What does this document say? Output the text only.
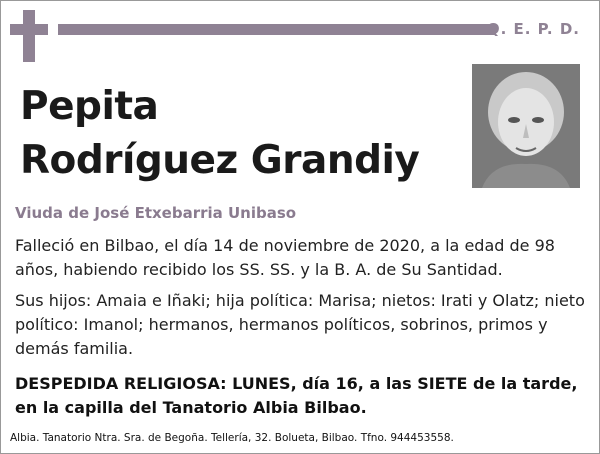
Q. E. P. D.
Pepita
Rodríguez Grandiy
Viuda de José Etxebarria Unibaso
Falleció en Bilbao, el día 14 de noviembre de 2020, a la edad de 98 años, habiendo recibido los SS. SS. y la B. A. de Su Santidad.
Sus hijos: Amaia e Iñaki; hija política: Marisa; nietos: Irati y Olatz; nieto político: Imanol; hermanos, hermanos políticos, sobrinos, primos y demás familia.
DESPEDIDA RELIGIOSA: LUNES, día 16, a las SIETE de la tarde, en la capilla del Tanatorio Albia Bilbao.
Albia. Tanatorio Ntra. Sra. de Begoña. Tellería, 32. Bolueta, Bilbao. Tfno. 944453558.
